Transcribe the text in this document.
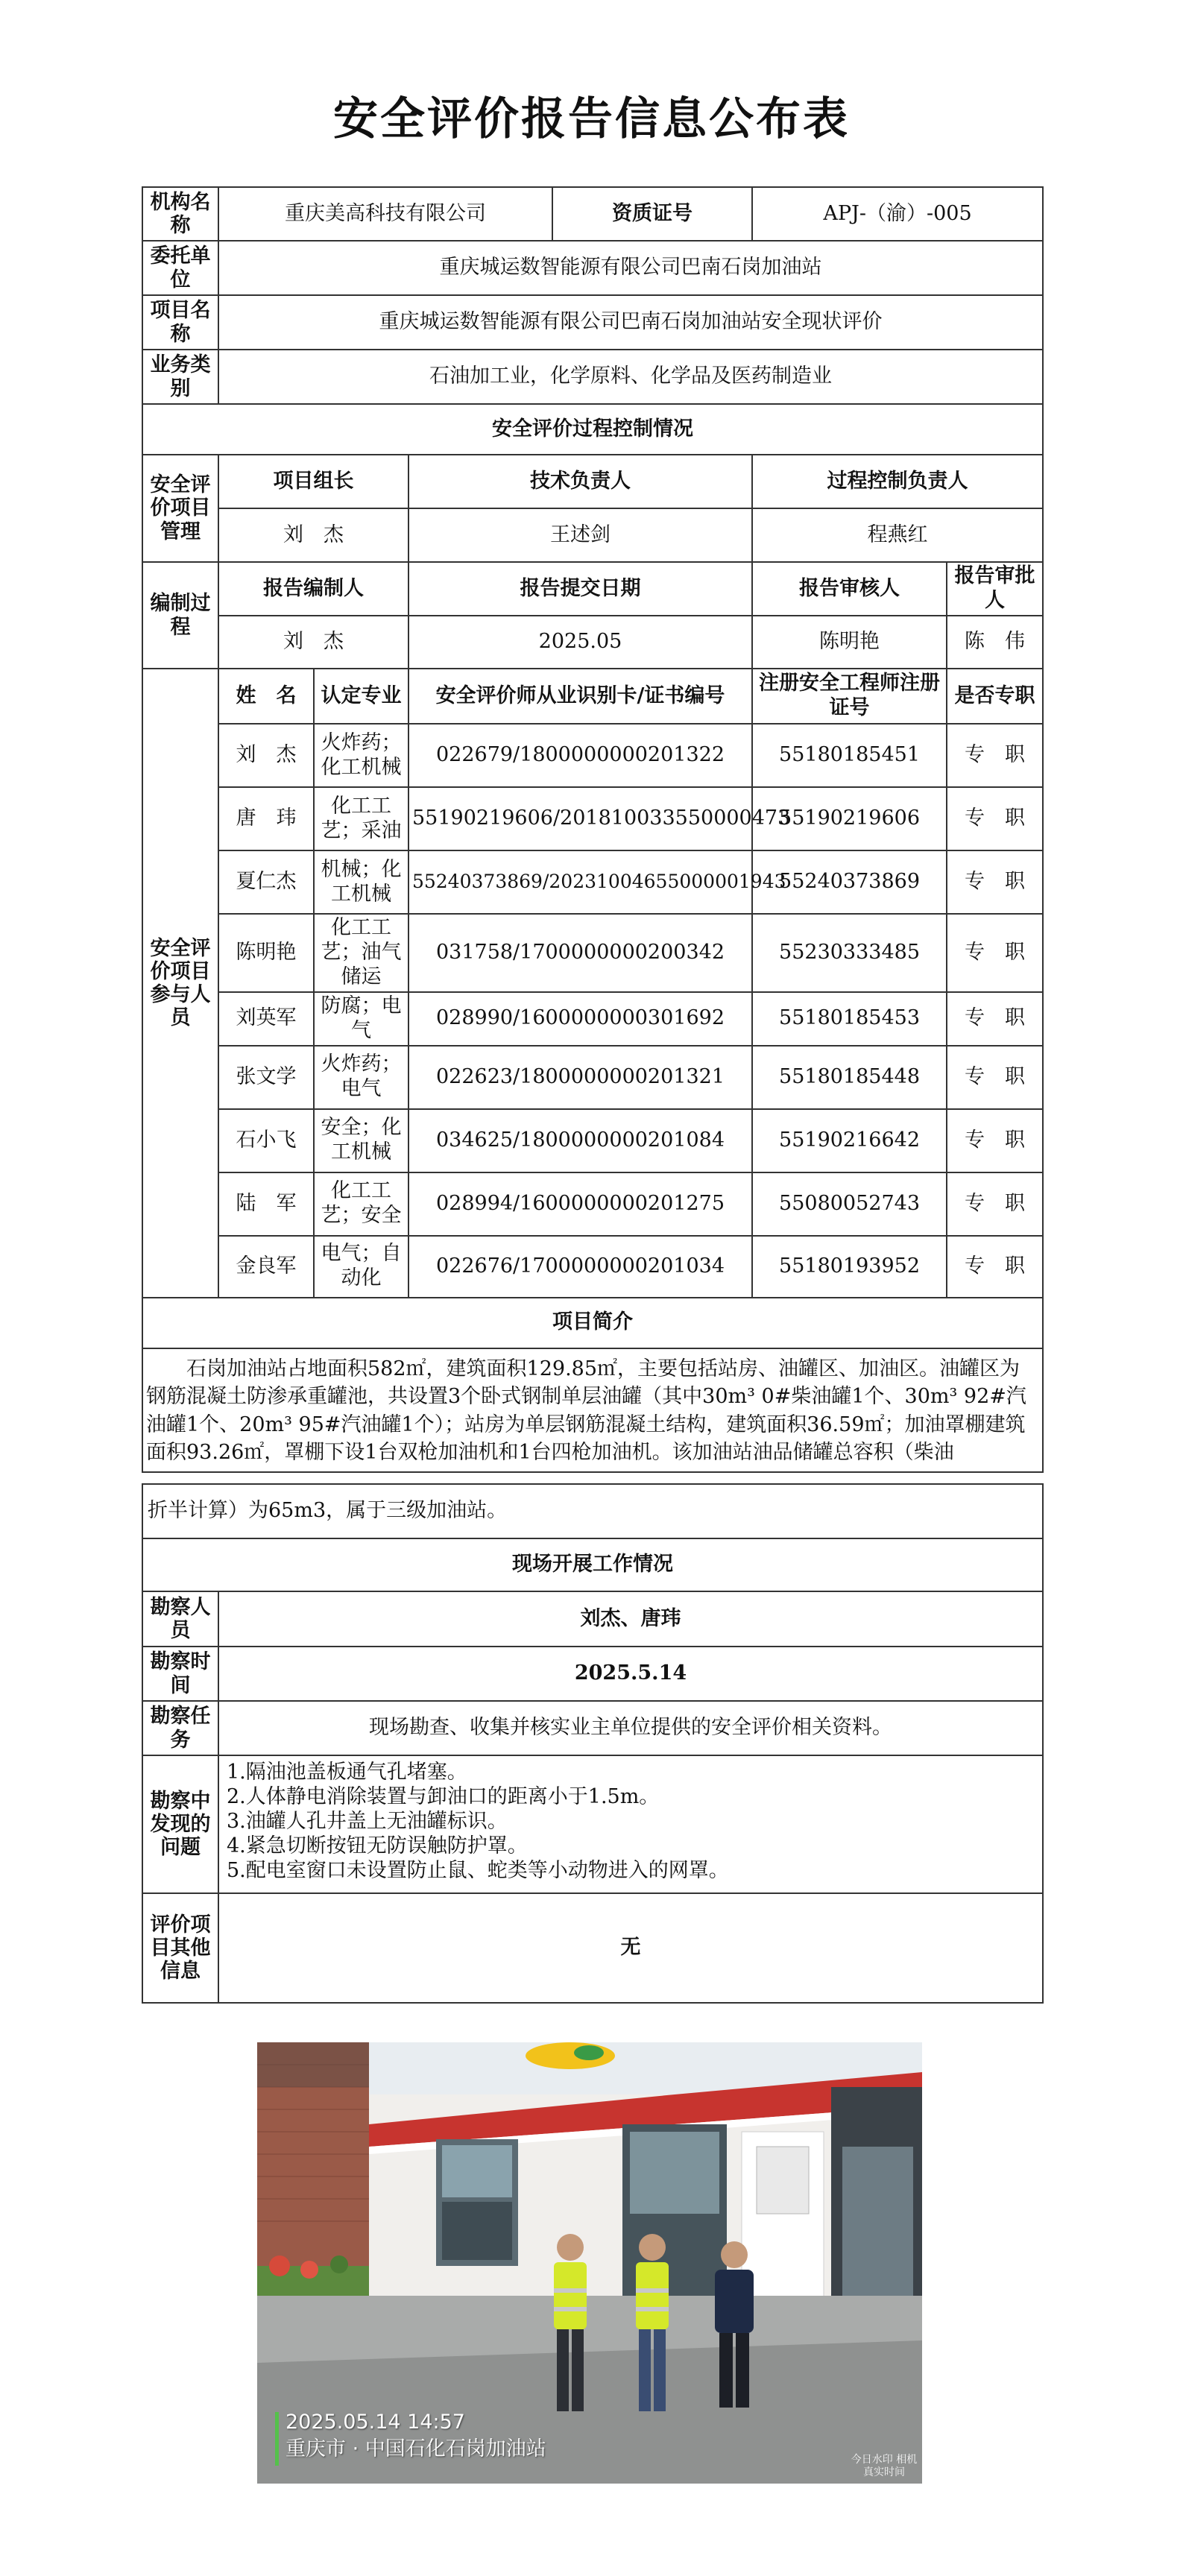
安全评价报告信息公布表
机构名称	重庆美高科技有限公司			资质证号	APJ-（渝）-005	
委托单位	重庆城运数智能源有限公司巴南石岗加油站					
项目名称	重庆城运数智能源有限公司巴南石岗加油站安全现状评价					
业务类别	石油加工业，化学原料、化学品及医药制造业					
安全评价过程控制情况						
安全评价项目管理	项目组长		技术负责人		过程控制负责人	
	刘　杰		王述剑		程燕红	
编制过程	报告编制人		报告提交日期		报告审核人	报告审批人
	刘　杰		2025.05		陈明艳	陈　伟
安全评价项目参与人员	姓　名	认定专业	安全评价师从业识别卡/证书编号		注册安全工程师注册证号	是否专职
	刘　杰	火炸药；化工机械	022679/1800000000201322		55180185451	专　职
	唐　玮	化工工艺；采油	55190219606/201810033550000473		55190219606	专　职
	夏仁杰	机械；化工机械	55240373869/20231004655000001943		55240373869	专　职
	陈明艳	化工工艺；油气储运	031758/1700000000200342		55230333485	专　职
	刘英军	防腐；电气	028990/1600000000301692		55180185453	专　职
	张文学	火炸药；电气	022623/1800000000201321		55180185448	专　职
	石小飞	安全；化工机械	034625/1800000000201084		55190216642	专　职
	陆　军	化工工艺；安全	028994/1600000000201275		55080052743	专　职
	金良军	电气；自动化	022676/1700000000201034		55180193952	专　职
项目简介						
石岗加油站占地面积582㎡，建筑面积129.85㎡，主要包括站房、油罐区、加油区。油罐区为钢筋混凝土防渗承重罐池，共设置3个卧式钢制单层油罐（其中30m³ 0#柴油罐1个、30m³ 92#汽油罐1个、20m³ 95#汽油罐1个）；站房为单层钢筋混凝土结构，建筑面积36.59㎡；加油罩棚建筑面积93.26㎡，罩棚下设1台双枪加油机和1台四枪加油机。该加油站油品储罐总容积（柴油						
折半计算）为65m3，属于三级加油站。	
现场开展工作情况	
勘察人员	刘杰、唐玮
勘察时间	2025.5.14
勘察任务	现场勘查、收集并核实业主单位提供的安全评价相关资料。
勘察中发现的问题	1.隔油池盖板通气孔堵塞。
2.人体静电消除装置与卸油口的距离小于1.5m。
3.油罐人孔井盖上无油罐标识。
4.紧急切断按钮无防误触防护罩。
5.配电室窗口未设置防止鼠、蛇类等小动物进入的网罩。

评价项目其他信息	无
2025.05.14 14:57
重庆市 · 中国石化石岗加油站	今日水印 相机 真实时间
